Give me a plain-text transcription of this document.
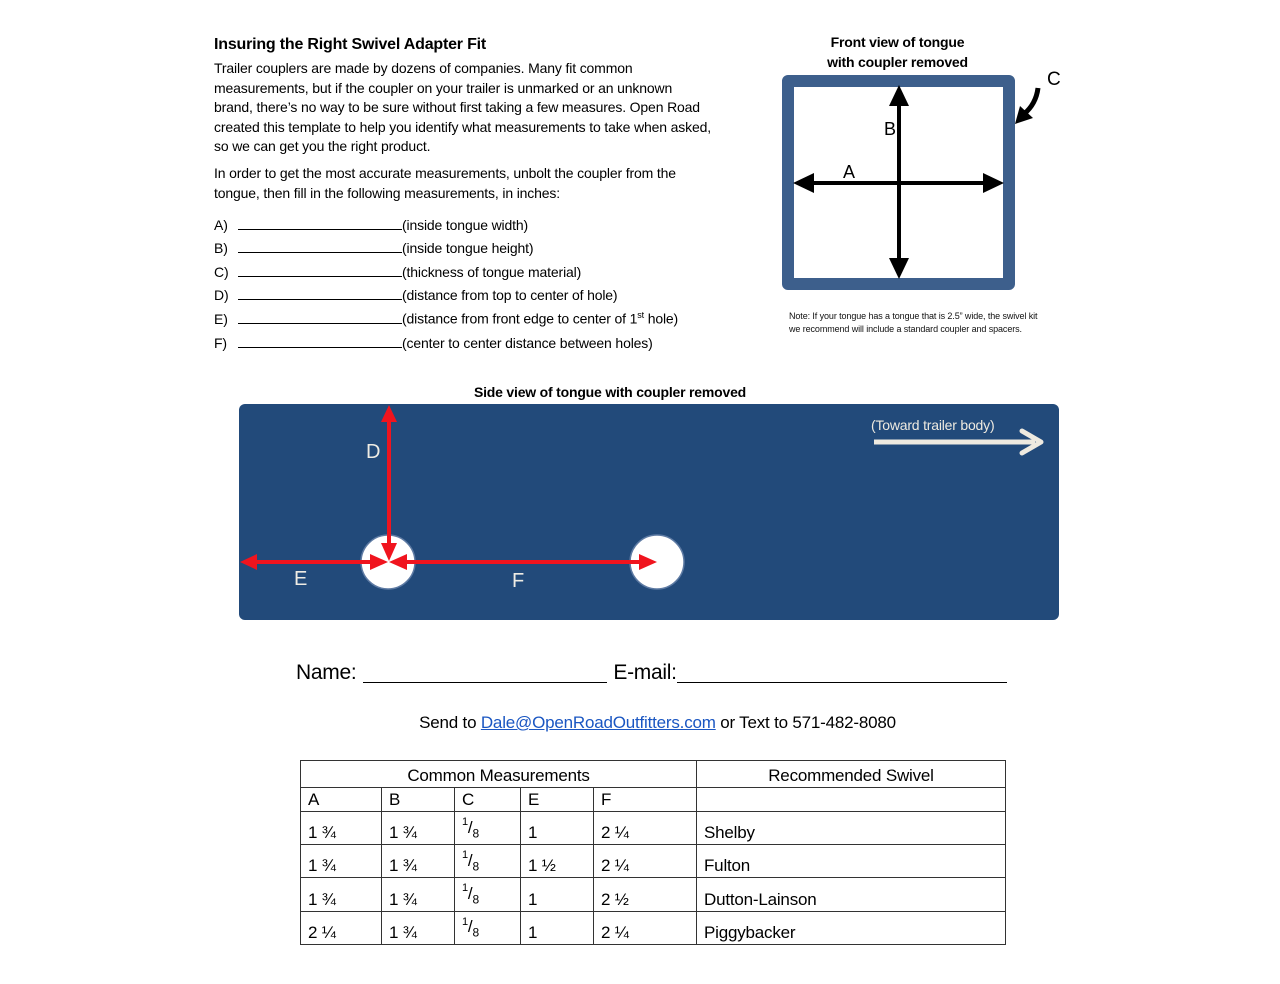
Insuring the Right Swivel Adapter Fit
Trailer couplers are made by dozens of companies. Many fit common measurements, but if the coupler on your trailer is unmarked or an unknown brand, there’s no way to be sure without first taking a few measures. Open Road created this template to help you identify what measurements to take when asked, so we can get you the right product.
In order to get the most accurate measurements, unbolt the coupler from the tongue, then fill in the following measurements, in inches:
A)	(inside tongue width)
B)	(inside tongue height)
C)	(thickness of tongue material)
D)	(distance from top to center of hole)
E)	(distance from front edge to center of 1st hole)
F)	(center to center distance between holes)
Front view of tongue
with coupler removed
B
A
C
Note: If your tongue has a tongue that is 2.5” wide, the swivel kit we recommend will include a standard coupler and spacers.
Side view of tongue with coupler removed
D
E	F
(Toward trailer body)
Name:	E-mail:
Send to Dale@OpenRoadOutfitters.com or Text to 571-482-8080
Common Measurements					Recommended Swivel
A	B	C	E	F	
1 ¾	1 ¾	$^1/_8$	1	2 ¼	Shelby
1 ¾	1 ¾	$^1/_8$	1 ½	2 ¼	Fulton
1 ¾	1 ¾	$^1/_8$	1	2 ½	Dutton-Lainson
2 ¼	1 ¾	$^1/_8$	1	2 ¼	Piggybacker
